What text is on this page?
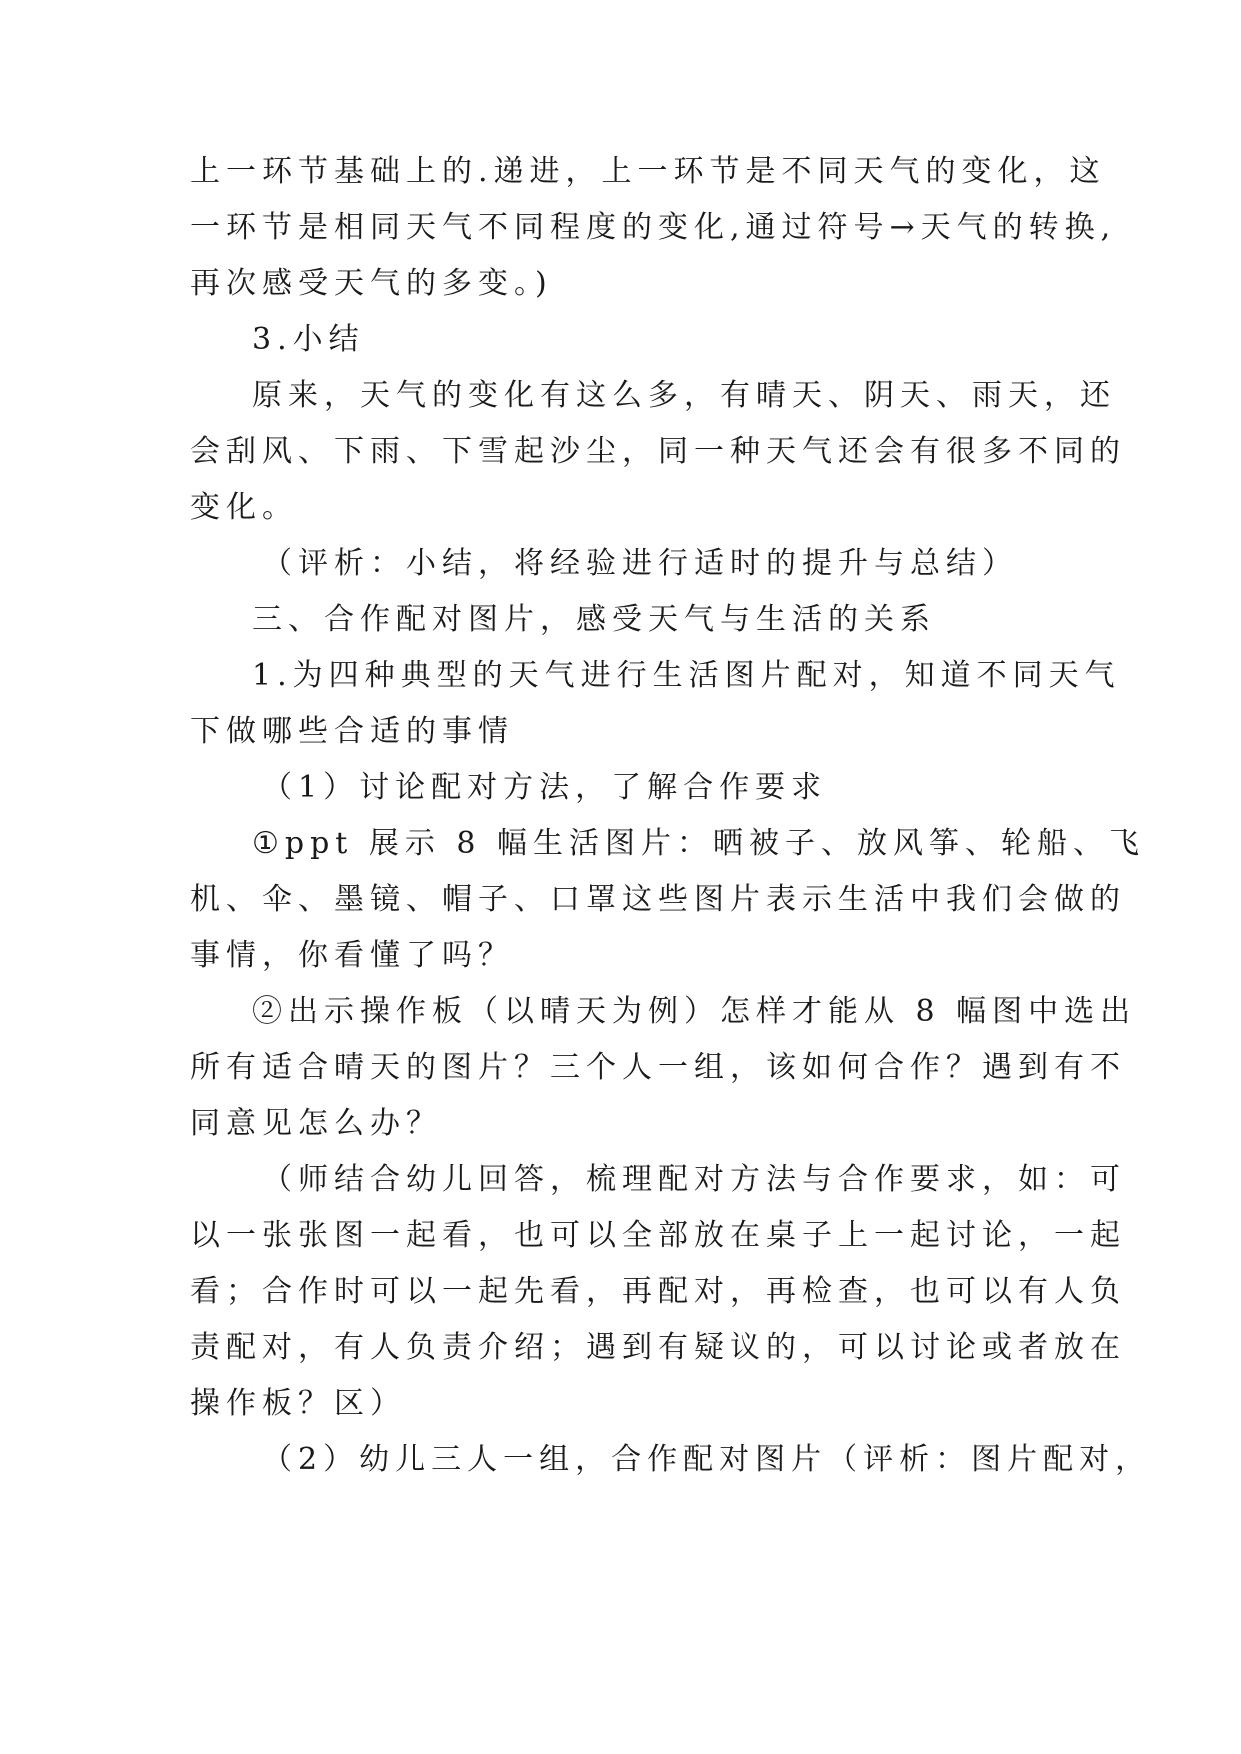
上一环节基础上的.递进，上一环节是不同天气的变化，这
一环节是相同天气不同程度的变化,通过符号→天气的转换,
再次感受天气的多变。)
3.小结
原来，天气的变化有这么多，有晴天、阴天、雨天，还
会刮风、下雨、下雪起沙尘，同一种天气还会有很多不同的
变化。
（评析：小结，将经验进行适时的提升与总结）
三、合作配对图片，感受天气与生活的关系
1.为四种典型的天气进行生活图片配对，知道不同天气
下做哪些合适的事情
（1）讨论配对方法，了解合作要求
①ppt 展示 8 幅生活图片：晒被子、放风筝、轮船、飞
机、伞、墨镜、帽子、口罩这些图片表示生活中我们会做的
事情，你看懂了吗？
②出示操作板（以晴天为例）怎样才能从 8 幅图中选出
所有适合晴天的图片？三个人一组，该如何合作？遇到有不
同意见怎么办？
（师结合幼儿回答，梳理配对方法与合作要求，如：可
以一张张图一起看，也可以全部放在桌子上一起讨论，一起
看；合作时可以一起先看，再配对，再检查，也可以有人负
责配对，有人负责介绍；遇到有疑议的，可以讨论或者放在
操作板？区）
（2）幼儿三人一组，合作配对图片（评析：图片配对，
